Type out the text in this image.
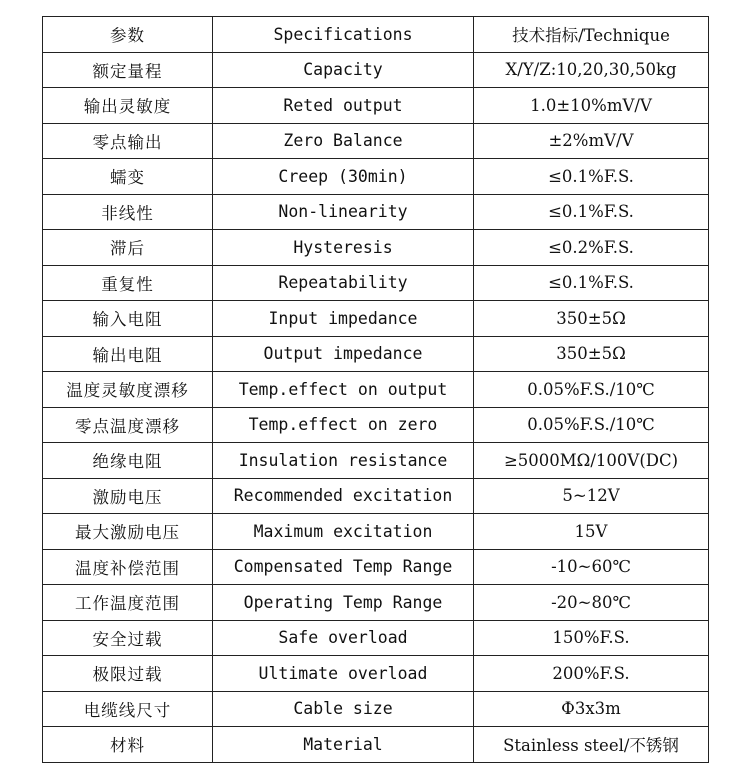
参数	Specifications	技术指标/Technique
额定量程	Capacity	X/Y/Z:10,20,30,50kg
输出灵敏度	Reted output	1.0±10%mV/V
零点输出	Zero Balance	±2%mV/V
蠕变	Creep (30min)	≤0.1%F.S.
非线性	Non-linearity	≤0.1%F.S.
滞后	Hysteresis	≤0.2%F.S.
重复性	Repeatability	≤0.1%F.S.
输入电阻	Input impedance	350±5Ω
输出电阻	Output impedance	350±5Ω
温度灵敏度漂移	Temp.effect on output	0.05%F.S./10℃
零点温度漂移	Temp.effect on zero	0.05%F.S./10℃
绝缘电阻	Insulation resistance	≥5000MΩ/100V(DC)
激励电压	Recommended excitation	5~12V
最大激励电压	Maximum excitation	15V
温度补偿范围	Compensated Temp Range	-10~60℃
工作温度范围	Operating Temp Range	-20~80℃
安全过载	Safe overload	150%F.S.
极限过载	Ultimate overload	200%F.S.
电缆线尺寸	Cable size	Ф3x3m
材料	Material	Stainless steel/不锈钢
